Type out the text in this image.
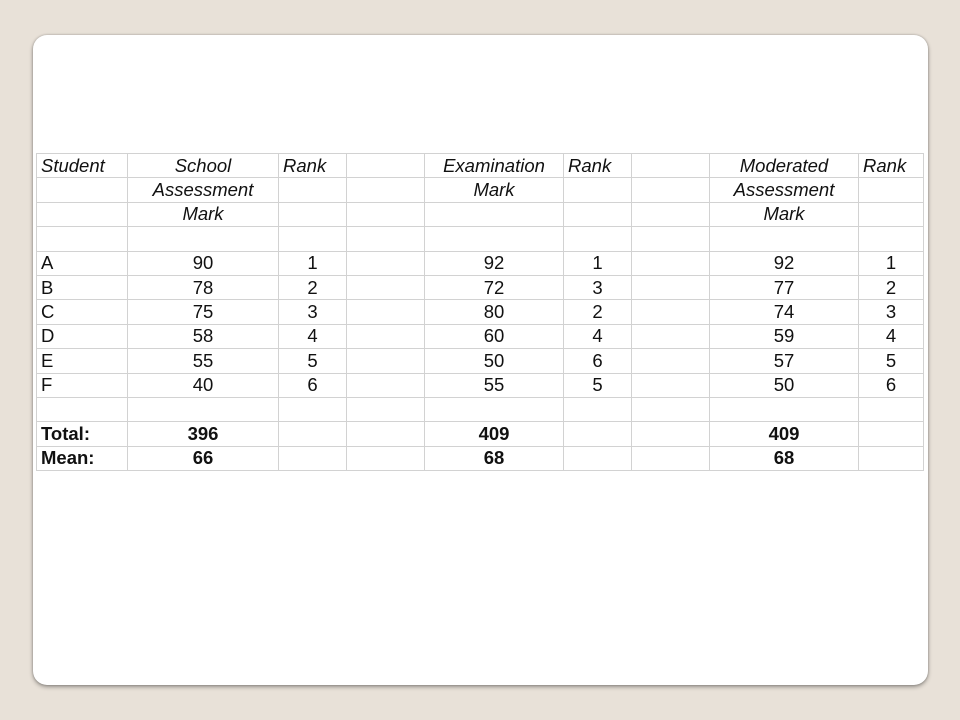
Student	School	Rank		Examination	Rank		Moderated	Rank
	Assessment			Mark			Assessment	
	Mark						Mark	

A	90	1		92	1		92	1
B	78	2		72	3		77	2
C	75	3		80	2		74	3
D	58	4		60	4		59	4
E	55	5		50	6		57	5
F	40	6		55	5		50	6

Total:	396			409			409	
Mean:	66			68			68	
